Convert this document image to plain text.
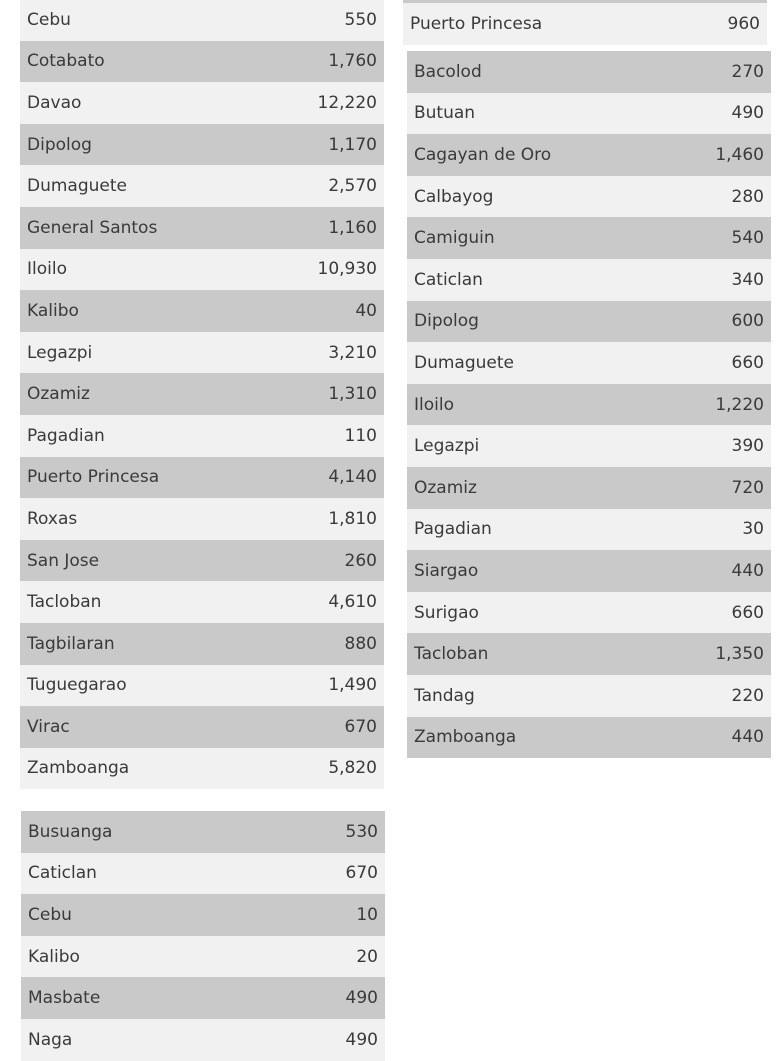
Cebu	550
Cotabato	1,760
Davao	12,220
Dipolog	1,170
Dumaguete	2,570
General Santos	1,160
Iloilo	10,930
Kalibo	40
Legazpi	3,210
Ozamiz	1,310
Pagadian	110
Puerto Princesa	4,140
Roxas	1,810
San Jose	260
Tacloban	4,610
Tagbilaran	880
Tuguegarao	1,490
Virac	670
Zamboanga	5,820
Busuanga	530
Caticlan	670
Cebu	10
Kalibo	20
Masbate	490
Naga	490
Puerto Princesa	960
Bacolod	270
Butuan	490
Cagayan de Oro	1,460
Calbayog	280
Camiguin	540
Caticlan	340
Dipolog	600
Dumaguete	660
Iloilo	1,220
Legazpi	390
Ozamiz	720
Pagadian	30
Siargao	440
Surigao	660
Tacloban	1,350
Tandag	220
Zamboanga	440
